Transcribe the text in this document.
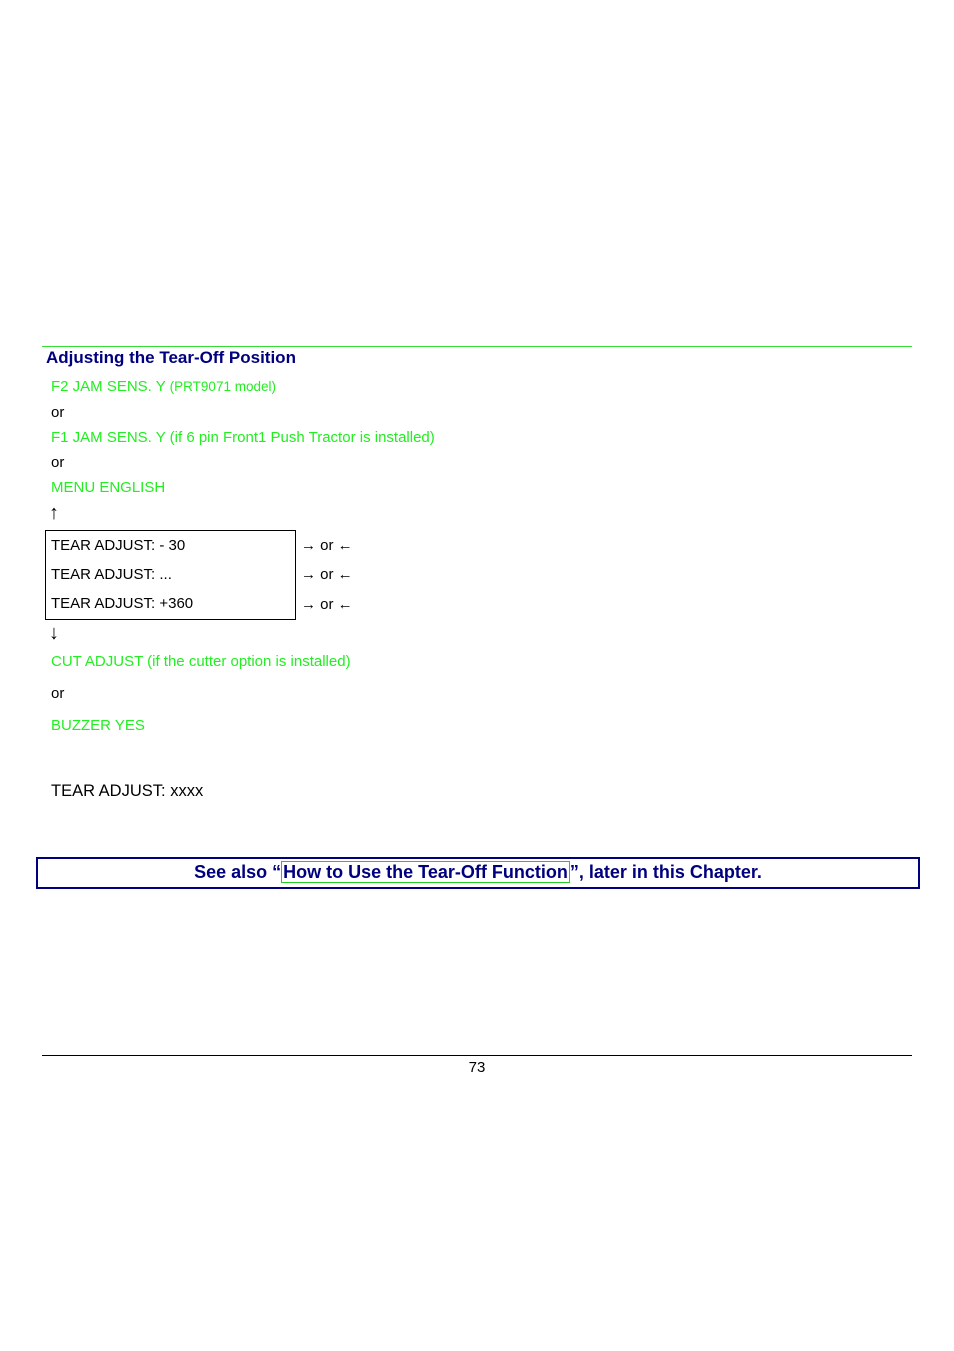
Adjusting the Tear-Off Position
F2 JAM SENS. Y (PRT9071 model)
or
F1 JAM SENS. Y (if 6 pin Front1 Push Tractor is installed)
or
MENU ENGLISH
↑
TEAR ADJUST: - 30
TEAR ADJUST: ...
TEAR ADJUST: +360
→ or ←
→ or ←
→ or ←
↓
CUT ADJUST (if the cutter option is installed)
or
BUZZER YES
TEAR ADJUST: xxxx
See also “ How to Use the Tear-Off Function ”, later in this Chapter.
73
